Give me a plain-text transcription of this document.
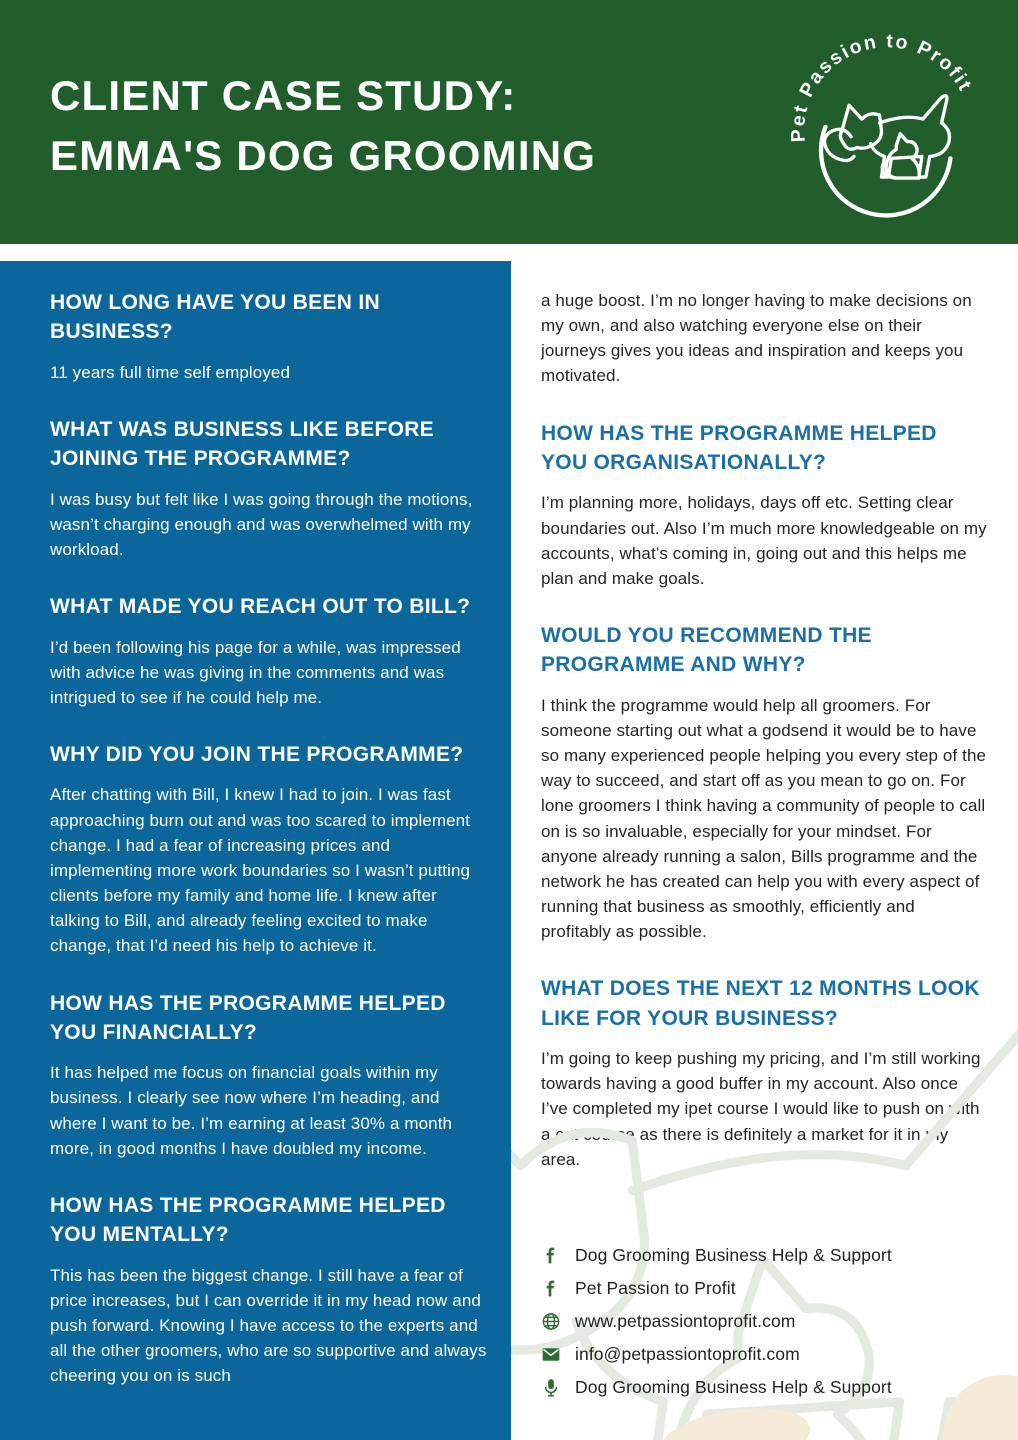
CLIENT CASE STUDY:
EMMA'S DOG GROOMING	Pet Passion to Profit
HOW LONG HAVE YOU BEEN IN BUSINESS?

11 years full time self employed

WHAT WAS BUSINESS LIKE BEFORE JOINING THE PROGRAMME?

I was busy but felt like I was going through the motions, wasn’t charging enough and was overwhelmed with my workload.

WHAT MADE YOU REACH OUT TO BILL?

I’d been following his page for a while, was impressed with advice he was giving in the comments and was intrigued to see if he could help me.

WHY DID YOU JOIN THE PROGRAMME?

After chatting with Bill, I knew I had to join. I was fast approaching burn out and was too scared to implement change. I had a fear of increasing prices and implementing more work boundaries so I wasn’t putting clients before my family and home life. I knew after talking to Bill, and already feeling excited to make change, that I’d need his help to achieve it.

HOW HAS THE PROGRAMME HELPED YOU FINANCIALLY?

It has helped me focus on financial goals within my business. I clearly see now where I’m heading, and where I want to be. I’m earning at least 30% a month more, in good months I have doubled my income.

HOW HAS THE PROGRAMME HELPED YOU MENTALLY?

This has been the biggest change. I still have a fear of price increases, but I can override it in my head now and push forward. Knowing I have access to the experts and all the other groomers, who are so supportive and always cheering you on is such

a huge boost. I’m no longer having to make decisions on my own, and also watching everyone else on their journeys gives you ideas and inspiration and keeps you motivated.

HOW HAS THE PROGRAMME HELPED YOU ORGANISATIONALLY?

I’m planning more, holidays, days off etc. Setting clear boundaries out. Also I’m much more knowledgeable on my accounts, what’s coming in, going out and this helps me plan and make goals.

WOULD YOU RECOMMEND THE PROGRAMME AND WHY?

I think the programme would help all groomers. For someone starting out what a godsend it would be to have so many experienced people helping you every step of the way to succeed, and start off as you mean to go on. For lone groomers I think having a community of people to call on is so invaluable, especially for your mindset. For anyone already running a salon, Bills programme and the network he has created can help you with every aspect of running that business as smoothly, efficiently and profitably as possible.

WHAT DOES THE NEXT 12 MONTHS LOOK LIKE FOR YOUR BUSINESS?

I’m going to keep pushing my pricing, and I’m still working towards having a good buffer in my account. Also once I’ve completed my ipet course I would like to push on with a cat course as there is definitely a market for it in my area.

Dog Grooming Business Help & Support
Pet Passion to Profit
www.petpassiontoprofit.com
info@petpassiontoprofit.com
Dog Grooming Business Help & Support
